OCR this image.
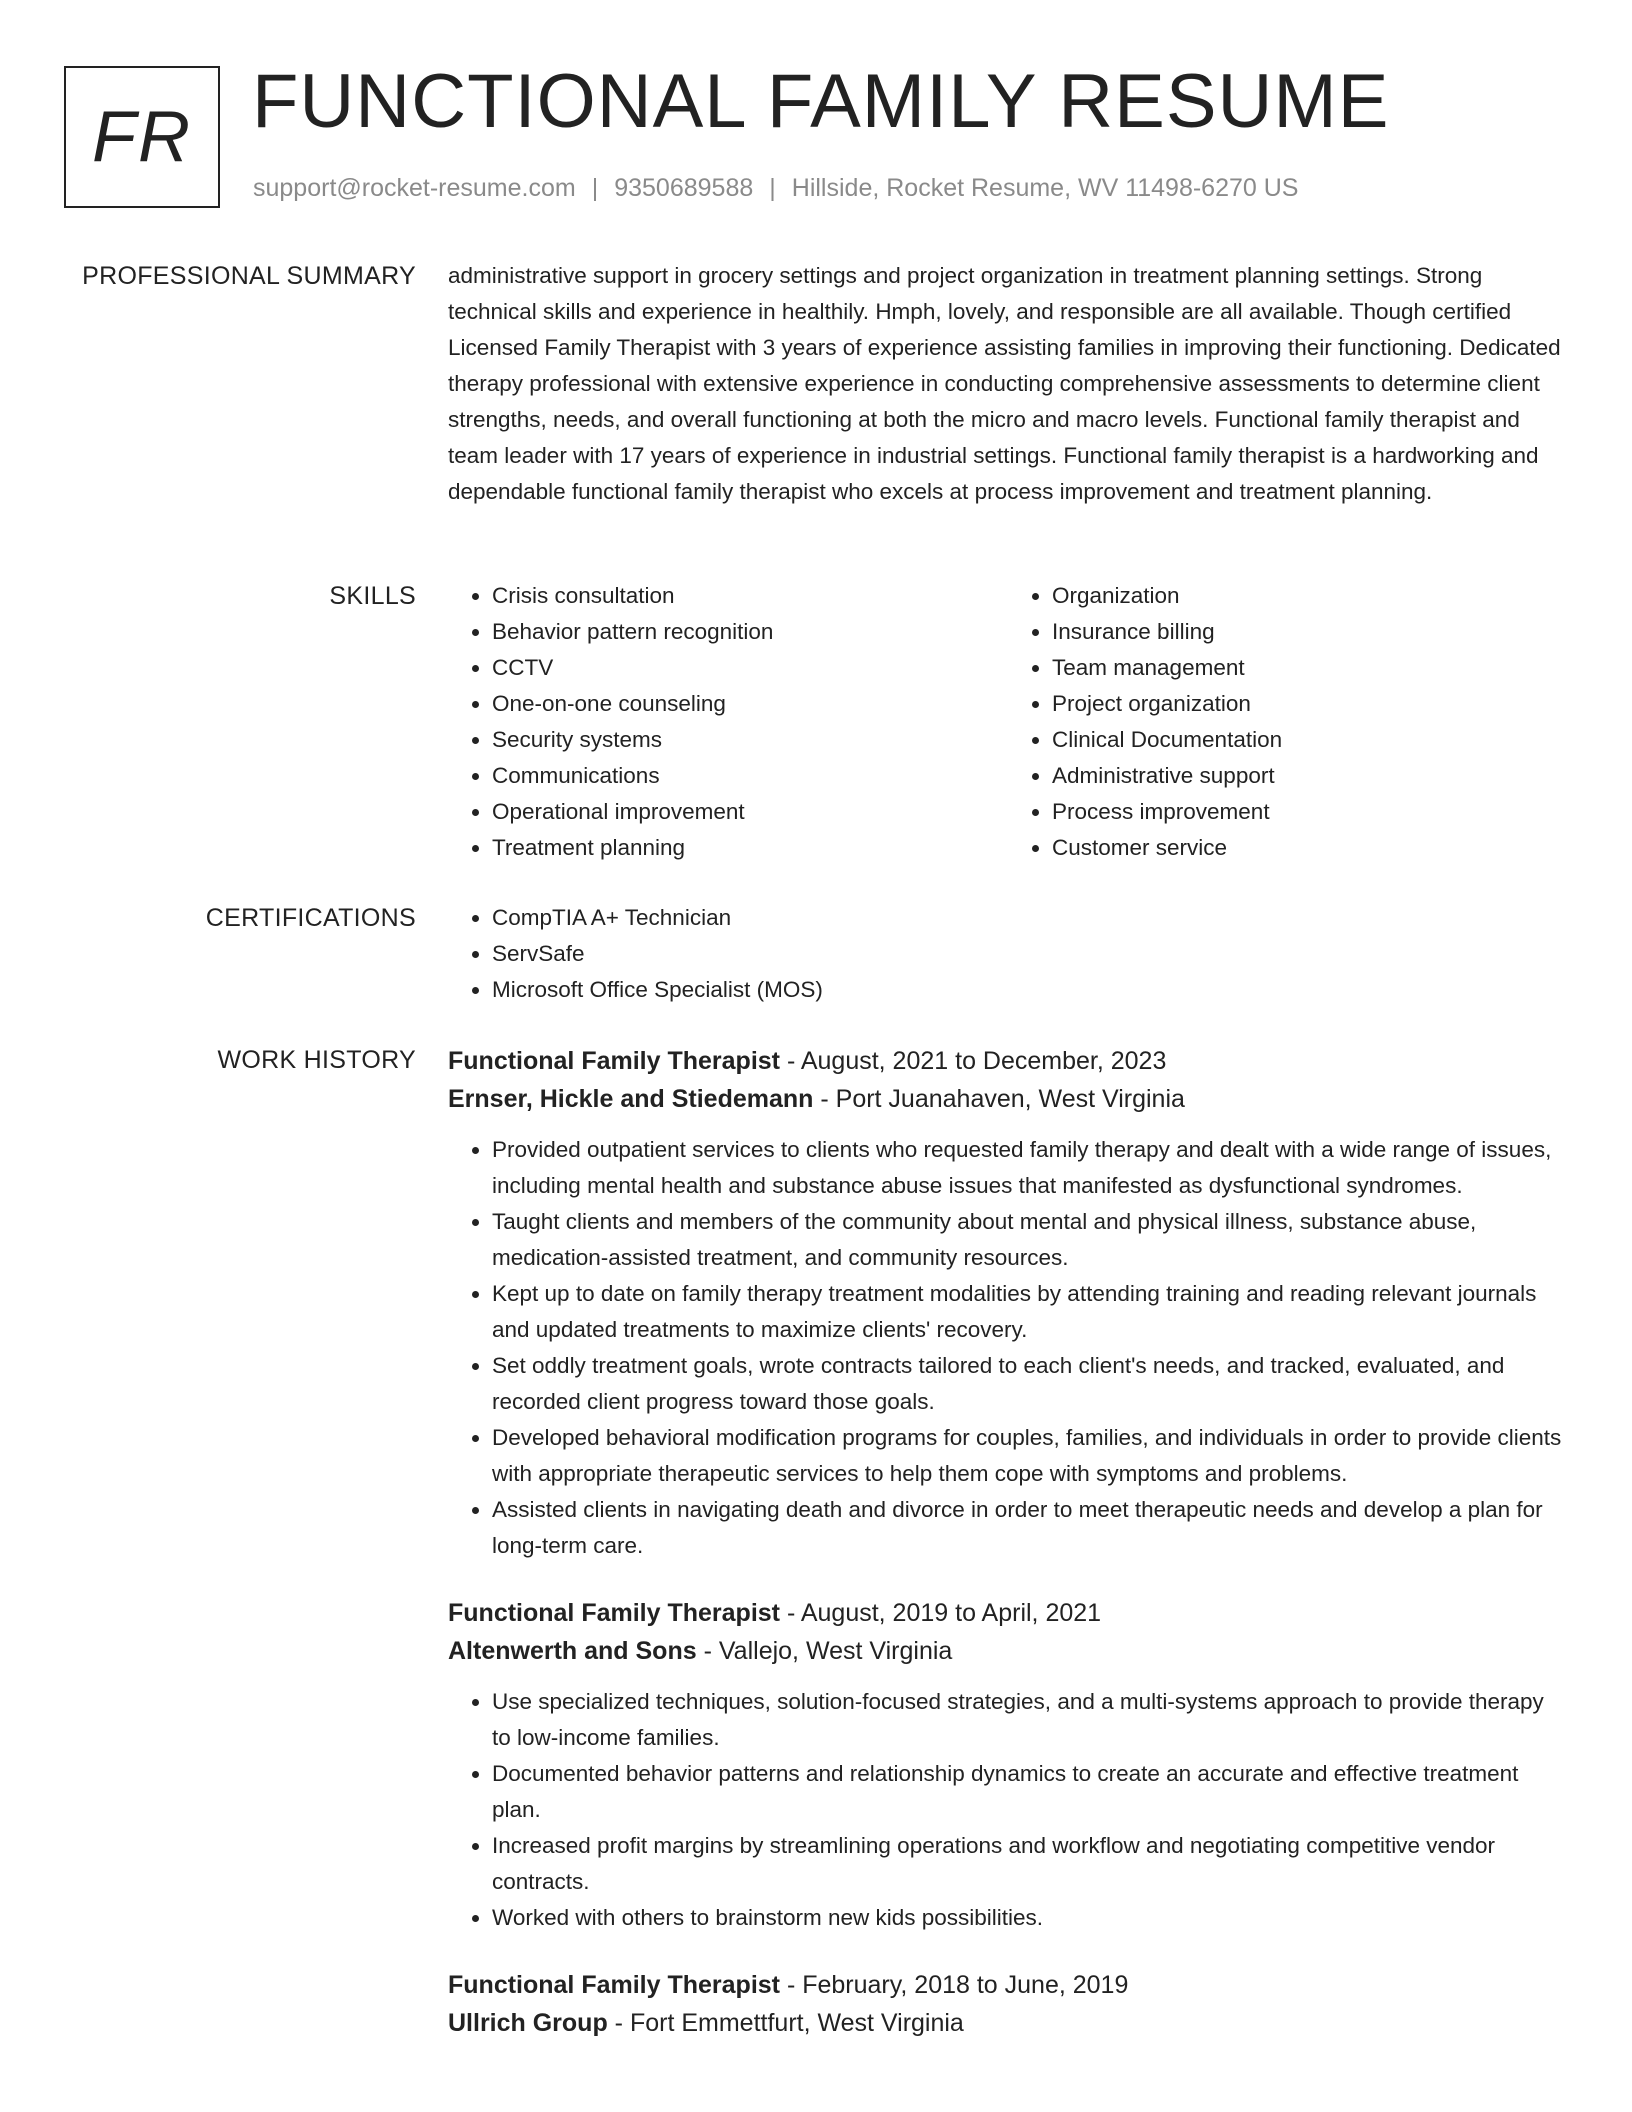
FR FUNCTIONAL FAMILY RESUME
support@rocket-resume.com | 9350689588 | Hillside, Rocket Resume, WV 11498-6270 US
PROFESSIONAL SUMMARY administrative support in grocery settings and project organization in treatment planning settings. Strong technical skills and experience in healthily. Hmph, lovely, and responsible are all available. Though certified Licensed Family Therapist with 3 years of experience assisting families in improving their functioning. Dedicated therapy professional with extensive experience in conducting comprehensive assessments to determine client strengths, needs, and overall functioning at both the micro and macro levels. Functional family therapist and team leader with 17 years of experience in industrial settings. Functional family therapist is a hardworking and dependable functional family therapist who excels at process improvement and treatment planning.

SKILLS	• Crisis consultation
• Behavior pattern recognition
• CCTV
• One-on-one counseling
• Security systems
• Communications
• Operational improvement
• Treatment planning
• Organization
• Insurance billing
• Team management
• Project organization
• Clinical Documentation
• Administrative support
• Process improvement
• Customer service
CERTIFICATIONS	• CompTIA A+ Technician
• ServSafe
• Microsoft Office Specialist (MOS)
WORK HISTORY Functional Family Therapist - August, 2021 to December, 2023
Ernser, Hickle and Stiedemann - Port Juanahaven, West Virginia
• Provided outpatient services to clients who requested family therapy and dealt with a wide range of issues, including mental health and substance abuse issues that manifested as dysfunctional syndromes.
• Taught clients and members of the community about mental and physical illness, substance abuse, medication-assisted treatment, and community resources.
• Kept up to date on family therapy treatment modalities by attending training and reading relevant journals and updated treatments to maximize clients' recovery.
• Set oddly treatment goals, wrote contracts tailored to each client's needs, and tracked, evaluated, and recorded client progress toward those goals.
• Developed behavioral modification programs for couples, families, and individuals in order to provide clients with appropriate therapeutic services to help them cope with symptoms and problems.
• Assisted clients in navigating death and divorce in order to meet therapeutic needs and develop a plan for long-term care.
Functional Family Therapist - August, 2019 to April, 2021
Altenwerth and Sons - Vallejo, West Virginia
• Use specialized techniques, solution-focused strategies, and a multi-systems approach to provide therapy to low-income families.
• Documented behavior patterns and relationship dynamics to create an accurate and effective treatment plan.
• Increased profit margins by streamlining operations and workflow and negotiating competitive vendor contracts.
• Worked with others to brainstorm new kids possibilities.
Functional Family Therapist - February, 2018 to June, 2019
Ullrich Group - Fort Emmettfurt, West Virginia
